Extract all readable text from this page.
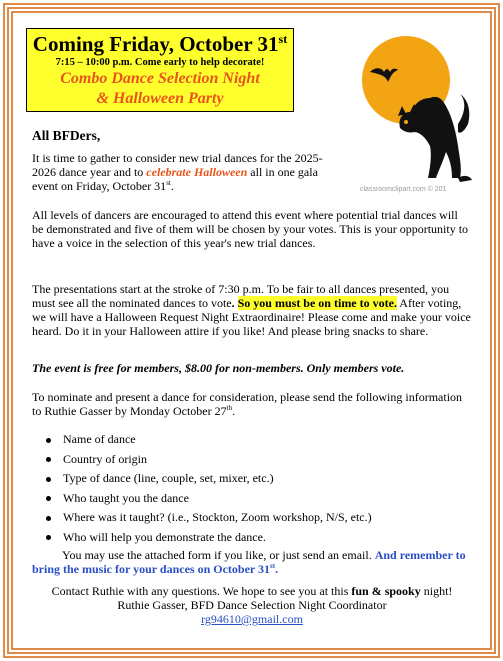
Coming Friday, October 31st
7:15 – 10:00 p.m. Come early to help decorate!
Combo Dance Selection Night
& Halloween Party
classroomclipart.com © 201
All BFDers,
It is time to gather to consider new trial dances for the 2025-2026 dance year and to celebrate Halloween all in one gala event on Friday, October 31st.
All levels of dancers are encouraged to attend this event where potential trial dances will be demonstrated and five of them will be chosen by your votes. This is your opportunity to have a voice in the selection of this year's new trial dances.
The presentations start at the stroke of 7:30 p.m. To be fair to all dances presented, you must see all the nominated dances to vote. So you must be on time to vote. After voting, we will have a Halloween Request Night Extraordinaire! Please come and make your voice heard. Do it in your Halloween attire if you like! And please bring snacks to share.
The event is free for members, $8.00 for non-members. Only members vote.
To nominate and present a dance for consideration, please send the following information to Ruthie Gasser by Monday October 27th.
Name of dance
Country of origin
Type of dance (line, couple, set, mixer, etc.)
Who taught you the dance
Where was it taught? (i.e., Stockton, Zoom workshop, N/S, etc.)
Who will help you demonstrate the dance.
You may use the attached form if you like, or just send an email. And remember to bring the music for your dances on October 31st.
Contact Ruthie with any questions. We hope to see you at this fun & spooky night!
Ruthie Gasser, BFD Dance Selection Night Coordinator
rg94610@gmail.com
